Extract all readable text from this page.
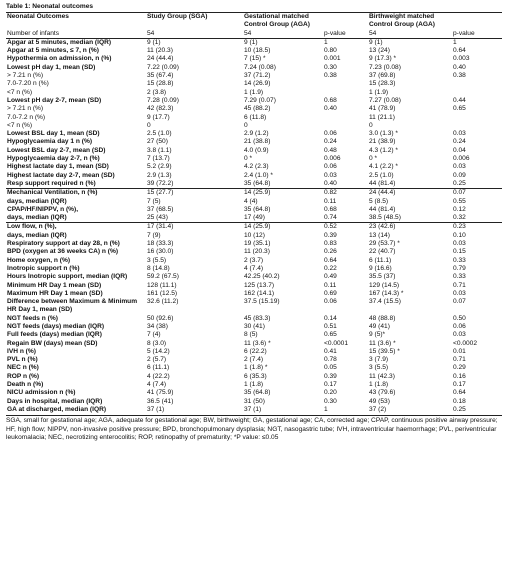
Table 1: Neonatal outcomes
Neonatal Outcomes	Study Group (SGA)	Gestational matched Control Group (AGA)		Birthweight matched Control Group (AGA)	
Number of infants	54	54	p-value	54	p-value
Apgar at 5 minutes, median (IQR)	9 (1)	9 (1)	1	9 (1)	1
Apgar at 5 minutes, ≤ 7, n (%)	11 (20.3)	10 (18.5)	0.80	13 (24)	0.64
Hypothermia on admission, n (%)	24 (44.4)	7 (15) *	0.001	9 (17.3) *	0.003
Lowest pH day 1, mean (SD)	7.22 (0.09)	7.24 (0.08)	0.30	7.23 (0.08)	0.40
> 7.21 n (%)	35 (67.4)	37 (71.2)	0.38	37 (69.8)	0.38
7.0-7.20 n (%)	15 (28.8)	14 (26.9)		15 (28.3)	
<7 n (%)	2 (3.8)	1 (1.9)		1 (1.9)	
Lowest pH day 2-7, mean (SD)	7.28 (0.09)	7.29 (0.07)	0.68	7.27 (0.08)	0.44
> 7.21 n (%)	42 (82.3)	45 (88.2)	0.40	41 (78.9)	0.65
7.0-7.2 n (%)	9 (17.7)	6 (11.8)		11 (21.1)	
<7 n (%)	0	0		0	
Lowest BSL day 1, mean (SD)	2.5 (1.0)	2.9 (1.2)	0.06	3.0 (1.3) *	0.03
Hypoglycaemia day 1 n (%)	27 (50)	21 (38.8)	0.24	21 (38.9)	0.24
Lowest BSL day 2-7, mean (SD)	3.8 (1.1)	4.0 (0.9)	0.48	4.3 (1.2) *	0.04
Hypoglycaemia day 2-7, n (%)	7 (13.7)	0 *	0.006	0 *	0.006
Highest lactate day 1, mean (SD)	5.2 (2.9)	4.2 (2.3)	0.06	4.1 (2.2) *	0.03
Highest lactate day 2-7, mean (SD)	2.9 (1.3)	2.4 (1.0) *	0.03	2.5 (1.0)	0.09
Resp support required n (%)	39 (72.2)	35 (64.8)	0.40	44 (81.4)	0.25
Mechanical Ventilation, n (%)	15 (27.7)	14 (25.9)	0.82	24 (44.4)	0.07
days, median (IQR)	7 (5)	4 (4)	0.11	5 (8.5)	0.55
CPAP/HF/NIPPV, n (%),	37 (68.5)	35 (64.8)	0.68	44 (81.4)	0.12
days, median (IQR)	25 (43)	17 (49)	0.74	38.5 (48.5)	0.32
Low flow, n (%),	17 (31.4)	14 (25.9)	0.52	23 (42.6)	0.23
days, median (IQR)	7 (9)	10 (12)	0.39	13 (14)	0.10
Respiratory support at day 28, n (%)	18 (33.3)	19 (35.1)	0.83	29 (53.7) *	0.03
BPD (oxygen at 36 weeks CA) n (%)	16 (30.0)	11 (20.3)	0.26	22 (40.7)	0.15
Home oxygen, n (%)	3 (5.5)	2 (3.7)	0.64	6 (11.1)	0.33
Inotropic support n (%)	8 (14.8)	4 (7.4)	0.22	9 (16.6)	0.79
Hours Inotropic support, median (IQR)	59.2 (67.5)	42.25 (40.2)	0.49	35.5 (37)	0.33
Minimum HR Day 1 mean (SD)	128 (11.1)	125 (13.7)	0.11	129 (14.5)	0.71
Maximum HR Day 1 mean (SD)	161 (12.5)	162 (14.1)	0.69	167 (14.3) *	0.03
Difference between Maximum & Minimum HR Day 1, mean (SD)	32.6 (11.2)	37.5 (15.19)	0.06	37.4 (15.5)	0.07
NGT feeds n (%)	50 (92.6)	45 (83.3)	0.14	48 (88.8)	0.50
NGT feeds (days) median (IQR)	34 (38)	30 (41)	0.51	49 (41)	0.06
Full feeds (days) median (IQR)	7 (4)	8 (5)	0.65	9 (5)*	0.03
Regain BW (days) mean (SD)	8 (3.0)	11 (3.6) *	<0.0001	11 (3.6) *	<0.0002
IVH n (%)	5 (14.2)	6 (22.2)	0.41	15 (39.5) *	0.01
PVL n (%)	2 (5.7)	2 (7.4)	0.78	3 (7.9)	0.71
NEC n (%)	6 (11.1)	1 (1.8) *	0.05	3 (5.5)	0.29
ROP n (%)	4 (22.2)	6 (35.3)	0.39	11 (42.3)	0.16
Death n (%)	4 (7.4)	1 (1.8)	0.17	1 (1.8)	0.17
NICU admission n (%)	41 (75.9)	35 (64.8)	0.20	43 (79.6)	0.64
Days in hospital, median (IQR)	36.5 (41)	31 (50)	0.30	49 (53)	0.18
GA at discharged, median (IQR)	37 (1)	37 (1)	1	37 (2)	0.25
SGA, small for gestational age; AGA, adequate for gestational age; BW, birthweight; GA, gestational age; CA, corrected age; CPAP, continuous positive airway pressure; HF, high flow; NIPPV, non-invasive positive pressure; BPD, bronchopulmonary dysplasia; NGT, nasogastric tube; IVH, intraventricular haemorrhage; PVL, periventricular leukomalacia; NEC, necrotizing enterocolitis; ROP, retinopathy of prematurity; *P value: ≤0.05
